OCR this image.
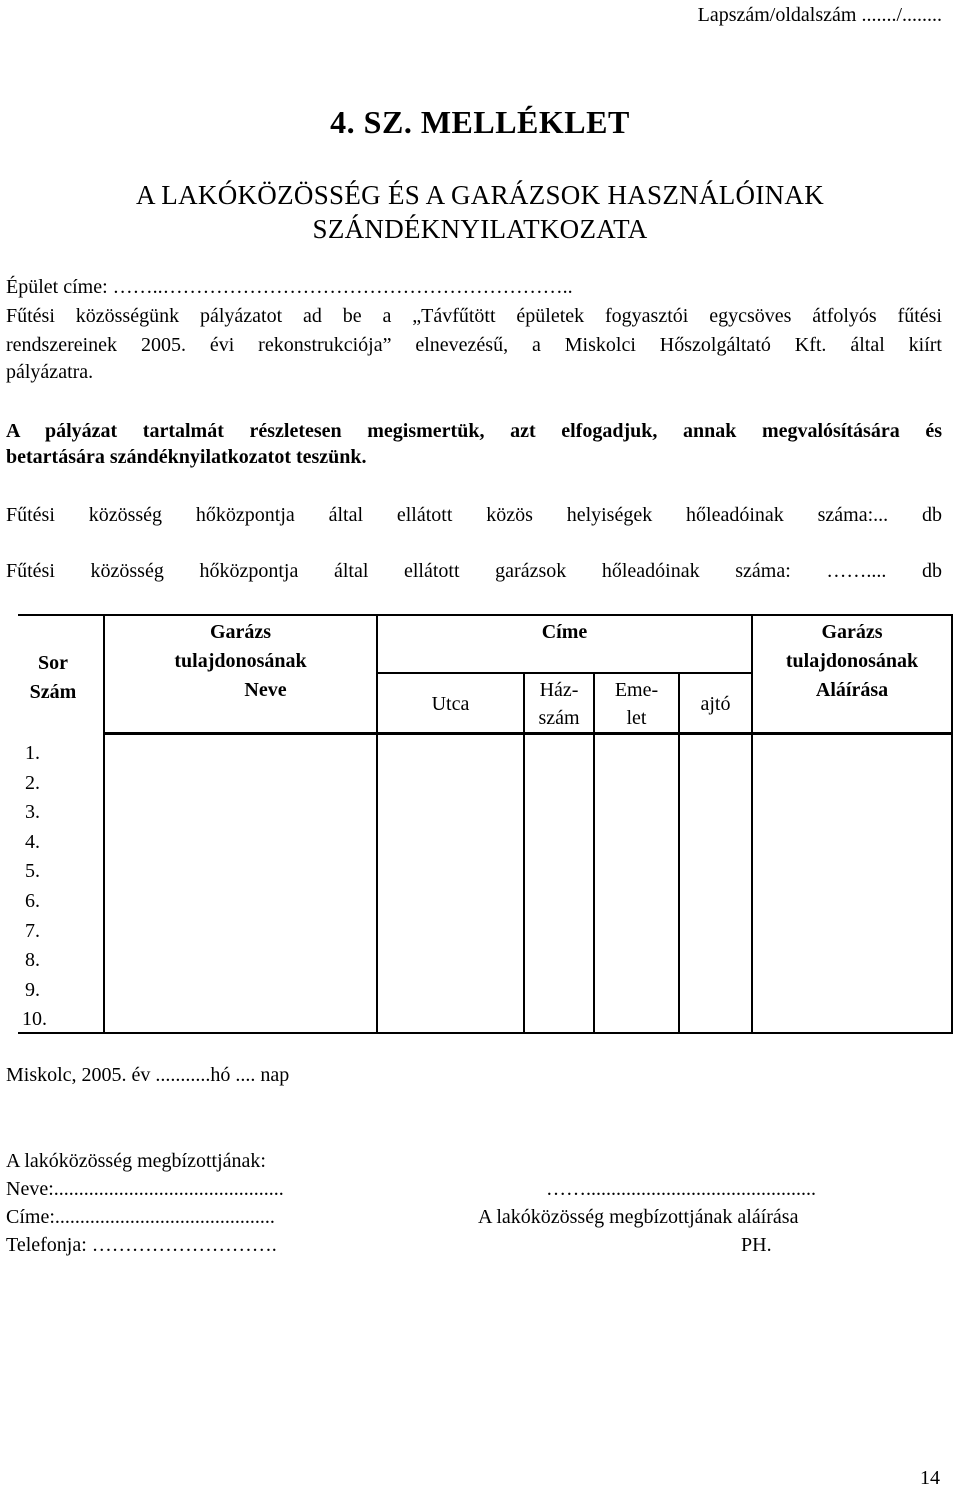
Lapszám/oldalszám ......./........
4. SZ. MELLÉKLET
A LAKÓKÖZÖSSÉG ÉS A GARÁZSOK HASZNÁLÓINAK
SZÁNDÉKNYILATKOZATA
Épület címe: ……..……………………………………………………..
Fűtési közösségünk pályázatot ad be a „Távfűtött épületek fogyasztói egycsöves átfolyós fűtési
rendszereinek 2005. évi rekonstrukciója” elnevezésű, a Miskolci Hőszolgáltató Kft. által kiírt
pályázatra.
A pályázat tartalmát részletesen megismertük, azt elfogadjuk, annak megvalósítására és
betartására szándéknyilatkozatot teszünk.
Fűtési közösség hőközpontja által ellátott közös helyiségek hőleadóinak száma:... db
Fűtési közösség hőközpontja által ellátott garázsok hőleadóinak száma: …….... db
Sor
Szám
Garázs
tulajdonosának
Neve
Címe
Utca
Ház-
szám
Eme-
let
ajtó
Garázs
tulajdonosának
Aláírása
1.
2.
3.
4.
5.
6.
7.
8.
9.
10.
Miskolc, 2005. év ...........hó .... nap
A lakóközösség megbízottjának:
Neve:..............................................
Címe:............................................
Telefonja: ……………………….
……..............................................
A lakóközösség megbízottjának aláírása
PH.
14
